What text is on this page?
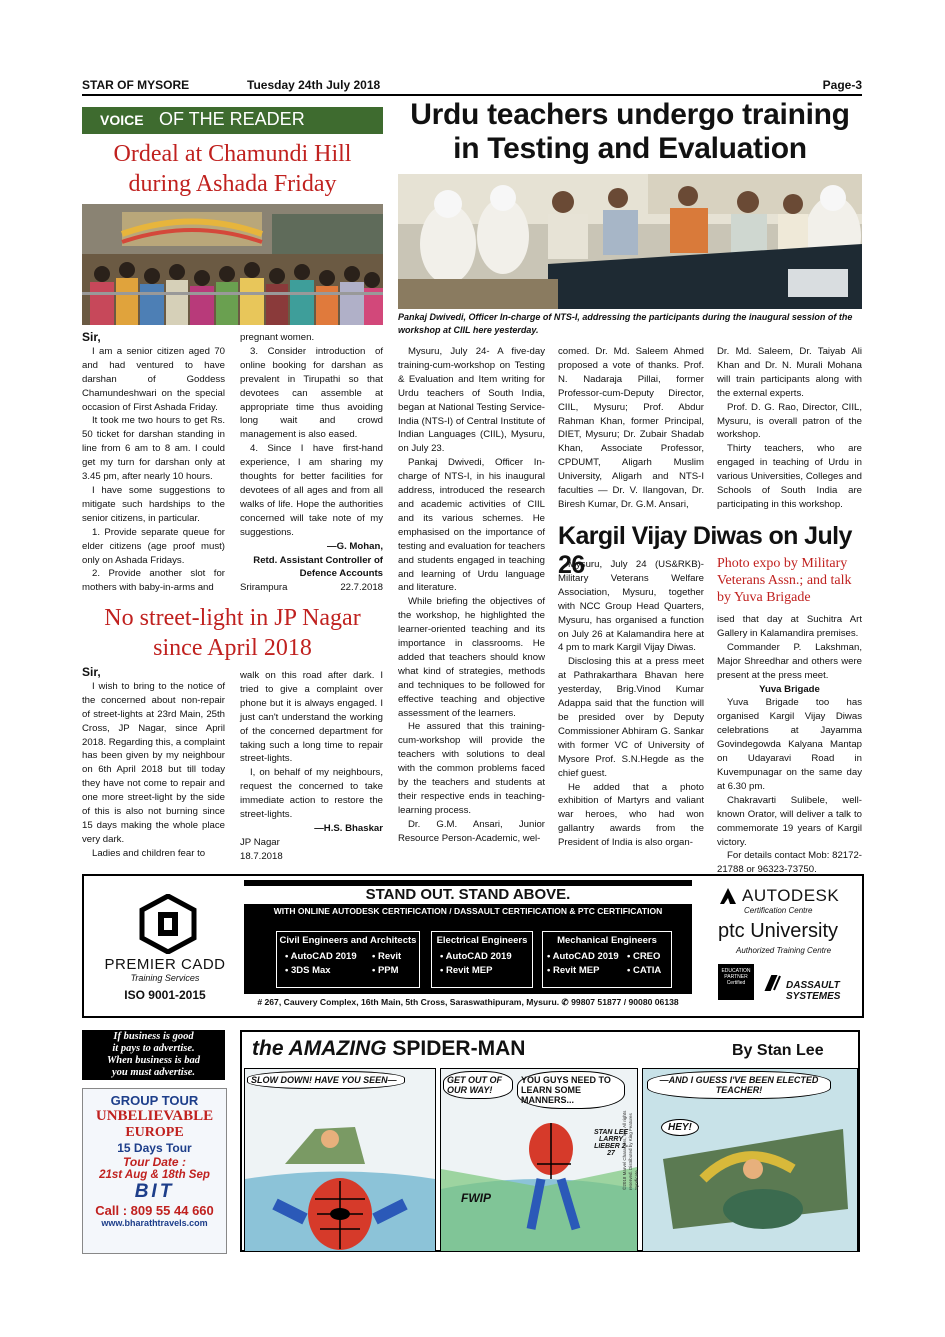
STAR OF MYSORE	Tuesday 24th July 2018	Page-3
VOICE OF THE READER
Ordeal at Chamundi Hill
during Ashada Friday

Sir,

I am a senior citizen aged 70 and had ventured to have darshan of Goddess Chamundeshwari on the special occasion of First Ashada Friday.

It took me two hours to get Rs. 50 ticket for darshan standing in line from 6 am to 8 am. I could get my turn for darshan only at 3.45 pm, after nearly 10 hours.

I have some suggestions to mitigate such hardships to the senior citizens, in particular.

1. Provide separate queue for elder citizens (age proof must) only on Ashada Fridays.

2. Provide another slot for mothers with baby-in-arms and

pregnant women.

3. Consider introduction of online booking for darshan as prevalent in Tirupathi so that devotees can assemble at appropriate time thus avoiding long wait and crowd management is also eased.

4. Since I have first-hand experience, I am sharing my thoughts for better facilities for devotees of all ages and from all walks of life. Hope the authorities concerned will take note of my suggestions.

—G. Mohan,
Retd. Assistant Controller of
Defence Accounts
Srirampura	22.7.2018
No street-light in JP Nagar
since April 2018

Sir,

I wish to bring to the notice of the concerned about non-repair of street-lights at 23rd Main, 25th Cross, JP Nagar, since April 2018. Regarding this, a complaint has been given by my neighbour on 6th April 2018 but till today they have not come to repair and one more street-light by the side of this is also not burning since 15 days making the whole place very dark.

Ladies and children fear to

walk on this road after dark. I tried to give a complaint over phone but it is always engaged. I just can't understand the working of the concerned department for taking such a long time to repair street-lights.

I, on behalf of my neighbours, request the concerned to take immediate action to restore the street-lights.

—H.S. Bhaskar
JP Nagar
18.7.2018
Urdu teachers undergo training
in Testing and Evaluation
Pankaj Dwivedi, Officer In-charge of NTS-I, addressing the participants during the inaugural session of the workshop at CIIL here yesterday.

Mysuru, July 24- A five-day training-cum-workshop on Testing & Evaluation and Item writing for Urdu teachers of South India, began at National Testing Service-India (NTS-I) of Central Institute of Indian Languages (CIIL), Mysuru, on July 23.

Pankaj Dwivedi, Officer In-charge of NTS-I, in his inaugural address, introduced the research and academic activities of CIIL and its various schemes. He emphasised on the importance of testing and evaluation for teachers and students engaged in teaching and learning of Urdu language and literature.

While briefing the objectives of the workshop, he highlighted the learner-oriented teaching and its importance in classrooms. He added that teachers should know what kind of strategies, methods and techniques to be followed for effective teaching and objective assessment of the learners.

He assured that this training-cum-workshop will provide the teachers with solutions to deal with the common problems faced by the teachers and students at their respective ends in teaching-learning process.

Dr. G.M. Ansari, Junior Resource Person-Academic, wel-

comed. Dr. Md. Saleem Ahmed proposed a vote of thanks. Prof. N. Nadaraja Pillai, former Professor-cum-Deputy Director, CIIL, Mysuru; Prof. Abdur Rahman Khan, former Principal, DIET, Mysuru; Dr. Zubair Shadab Khan, Associate Professor, CPDUMT, Aligarh Muslim University, Aligarh and NTS-I faculties — Dr. V. Ilangovan, Dr. Biresh Kumar, Dr. G.M. Ansari,

Dr. Md. Saleem, Dr. Taiyab Ali Khan and Dr. N. Murali Mohana will train participants along with the external experts.

Prof. D. G. Rao, Director, CIIL, Mysuru, is overall patron of the workshop.

Thirty teachers, who are engaged in teaching of Urdu in various Universities, Colleges and Schools of South India are participating in this workshop.

Kargil Vijay Diwas on July 26

Mysuru, July 24 (US&RKB)- Military Veterans Welfare Association, Mysuru, together with NCC Group Head Quarters, Mysuru, has organised a function on July 26 at Kalamandira here at 4 pm to mark Kargil Vijay Diwas.

Disclosing this at a press meet at Pathrakarthara Bhavan here yesterday, Brig.Vinod Kumar Adappa said that the function will be presided over by Deputy Commissioner Abhiram G. Sankar with former VC of University of Mysore Prof. S.N.Hegde as the chief guest.

He added that a photo exhibition of Martyrs and valiant war heroes, who had won gallantry awards from the President of India is also organ-

Photo expo by Military
Veterans Assn.; and talk
by Yuva Brigade

ised that day at Suchitra Art Gallery in Kalamandira premises.

Commander P. Lakshman, Major Shreedhar and others were present at the press meet.

Yuva Brigade

Yuva Brigade too has organised Kargil Vijay Diwas celebrations at Jayamma Govindegowda Kalyana Mantap on Udayaravi Road in Kuvempunagar on the same day at 6.30 pm.

Chakravarti Sulibele, well-known Orator, will deliver a talk to commemorate 19 years of Kargil victory.

For details contact Mob: 82172-21788 or 96323-73750.

PREMIER CADD
Training Services
ISO 9001-2015
STAND OUT. STAND ABOVE.
WITH ONLINE AUTODESK CERTIFICATION / DASSAULT CERTIFICATION & PTC CERTIFICATION
Civil Engineers and Architects
• AutoCAD 2019 • Revit
• 3DS Max	• PPM
Electrical Engineers
• AutoCAD 2019
• Revit MEP
Mechanical Engineers
• AutoCAD 2019 • CREO
• Revit MEP	• CATIA
# 267, Cauvery Complex, 16th Main, 5th Cross, Saraswathipuram, Mysuru. ✆ 99807 51877 / 90080 06138
AUTODESK
Certification Centre
ptc University
Authorized Training Centre
EDUCATION PARTNER Certified	DASSAULT SYSTEMES
If business is good
it pays to advertise.
When business is bad
you must advertise.
GROUP TOUR
UNBELIEVABLE
EUROPE
15 Days Tour
Tour Date :
21st Aug & 18th Sep
BIT
Call : 809 55 44 660
www.bharathtravels.com
the AMAZING SPIDER-MAN	By Stan Lee
SLOW DOWN! HAVE YOU SEEN—	GET OUT OF OUR WAY!
YOU GUYS NEED TO LEARN SOME MANNERS...
STAN LEE LARRY LIEBER 2-27
FWIP
—AND I GUESS I'VE BEEN ELECTED TEACHER!
HEY!
©2018 Marvel Characters, Inc. All rights reserved. Distributed by King Features Syndicate
